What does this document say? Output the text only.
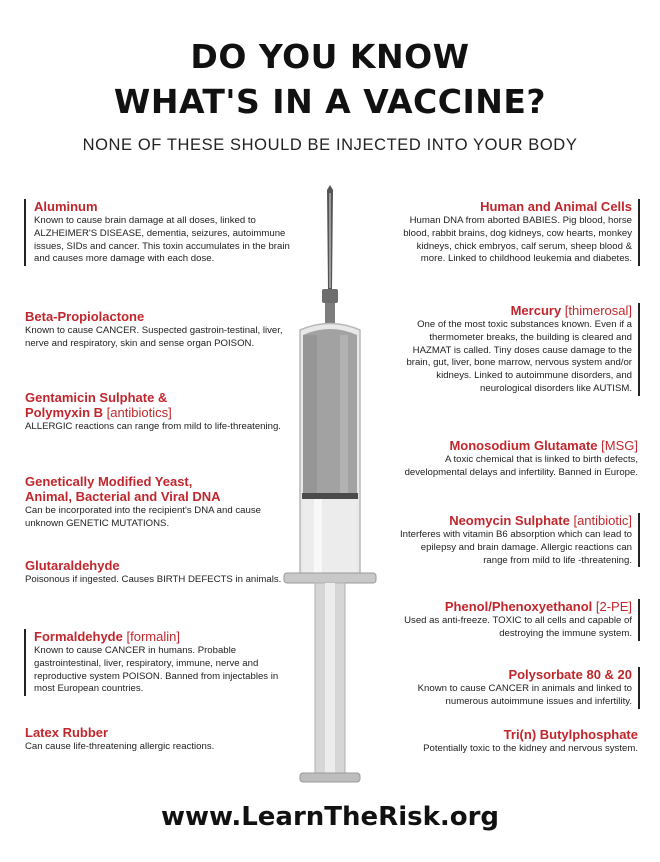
DO YOU KNOW
WHAT'S IN A VACCINE?
NONE OF THESE SHOULD BE INJECTED INTO YOUR BODY
Aluminum
Known to cause brain damage at all doses, linked to ALZHEIMER'S DISEASE, dementia, seizures, autoimmune issues, SIDs and cancer. This toxin accumulates in the brain and causes more damage with each dose.
Beta-Propiolactone
Known to cause CANCER. Suspected gastroin-testinal, liver, nerve and respiratory, skin and sense organ POISON.
Gentamicin Sulphate &
Polymyxin B [antibiotics]
ALLERGIC reactions can range from mild to life-threatening.
Genetically Modified Yeast,
Animal, Bacterial and Viral DNA
Can be incorporated into the recipient's DNA and cause unknown GENETIC MUTATIONS.
Glutaraldehyde
Poisonous if ingested. Causes BIRTH DEFECTS in animals.
Formaldehyde [formalin]
Known to cause CANCER in humans. Probable gastrointestinal, liver, respiratory, immune, nerve and reproductive system POISON. Banned from injectables in most European countries.
Latex Rubber
Can cause life-threatening allergic reactions.
Human and Animal Cells
Human DNA from aborted BABIES. Pig blood, horse blood, rabbit brains, dog kidneys, cow hearts, monkey kidneys, chick embryos, calf serum, sheep blood & more. Linked to childhood leukemia and diabetes.
Mercury [thimerosal]
One of the most toxic substances known. Even if a thermometer breaks, the building is cleared and HAZMAT is called. Tiny doses cause damage to the brain, gut, liver, bone marrow, nervous system and/or kidneys. Linked to autoimmune disorders, and neurological disorders like AUTISM.
Monosodium Glutamate [MSG]
A toxic chemical that is linked to birth defects, developmental delays and infertility. Banned in Europe.
Neomycin Sulphate [antibiotic]
Interferes with vitamin B6 absorption which can lead to epilepsy and brain damage. Allergic reactions can range from mild to life -threatening.
Phenol/Phenoxyethanol [2-PE]
Used as anti-freeze. TOXIC to all cells and capable of destroying the immune system.
Polysorbate 80 & 20
Known to cause CANCER in animals and linked to numerous autoimmune issues and infertility.
Tri(n) Butylphosphate
Potentially toxic to the kidney and nervous system.
www.LearnTheRisk.org
